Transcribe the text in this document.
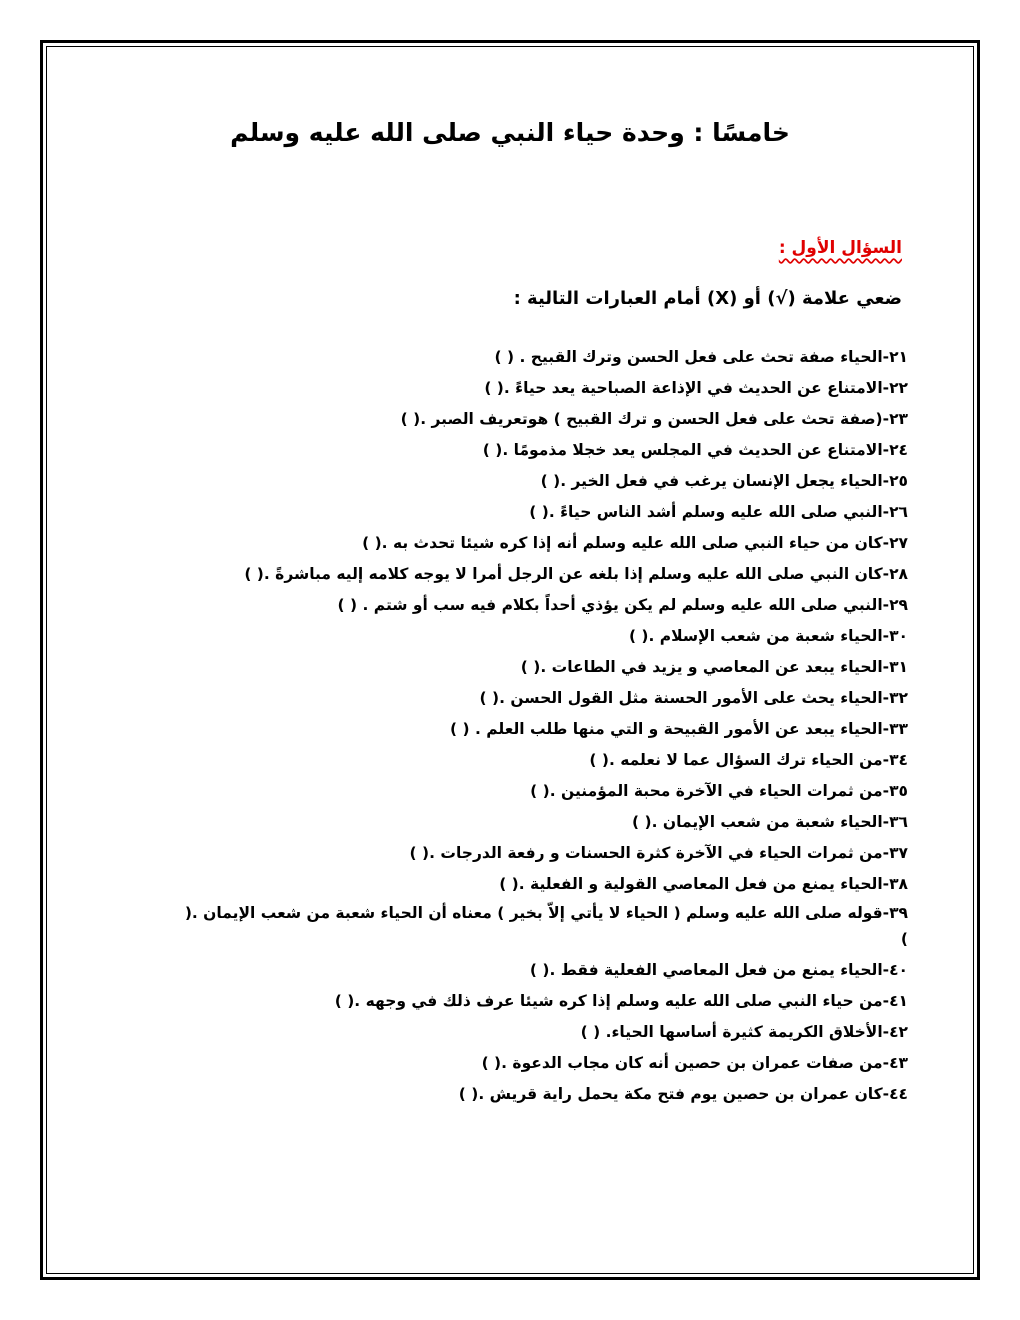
خامسًا : وحدة حياء النبي صلى الله عليه وسلم

السؤال الأول :

ضعي علامة (√) أو (X) أمام العبارات التالية :

٢١-الحياء صفة تحث على فعل الحسن وترك القبيح . ( )
٢٢-الامتناع عن الحديث في الإذاعة الصباحية يعد حياءً .( )
٢٣-(صفة تحث على فعل الحسن و ترك القبيح ) هوتعريف الصبر .( )
٢٤-الامتناع عن الحديث في المجلس يعد خجلا مذمومًا .( )
٢٥-الحياء يجعل الإنسان يرغب في فعل الخير .( )
٢٦-النبي صلى الله عليه وسلم أشد الناس حياءً .( )
٢٧-كان من حياء النبي صلى الله عليه وسلم أنه إذا كره شيئا تحدث به .( )
٢٨-كان النبي صلى الله عليه وسلم إذا بلغه عن الرجل أمرا لا يوجه كلامه إليه مباشرةً .( )
٢٩-النبي صلى الله عليه وسلم لم يكن يؤذي أحداً بكلام فيه سب أو شتم . ( )
٣٠-الحياء شعبة من شعب الإسلام .( )
٣١-الحياء يبعد عن المعاصي و يزيد في الطاعات .( )
٣٢-الحياء يحث على الأمور الحسنة مثل القول الحسن .( )
٣٣-الحياء يبعد عن الأمور القبيحة و التي منها طلب العلم . ( )
٣٤-من الحياء ترك السؤال عما لا نعلمه .( )
٣٥-من ثمرات الحياء في الآخرة محبة المؤمنين .( )
٣٦-الحياء شعبة من شعب الإيمان .( )
٣٧-من ثمرات الحياء في الآخرة كثرة الحسنات و رفعة الدرجات .( )
٣٨-الحياء يمنع من فعل المعاصي القولية و الفعلية .( )
٣٩-قوله صلى الله عليه وسلم ( الحياء لا يأتي إلاّ بخير ) معناه أن الحياء شعبة من شعب الإيمان .( )
٤٠-الحياء يمنع من فعل المعاصي الفعلية فقط .( )
٤١-من حياء النبي صلى الله عليه وسلم إذا كره شيئا عرف ذلك في وجهه .( )
٤٢-الأخلاق الكريمة كثيرة أساسها الحياء. ( )
٤٣-من صفات عمران بن حصين أنه كان مجاب الدعوة .( )
٤٤-كان عمران بن حصين يوم فتح مكة يحمل راية قريش .( )
